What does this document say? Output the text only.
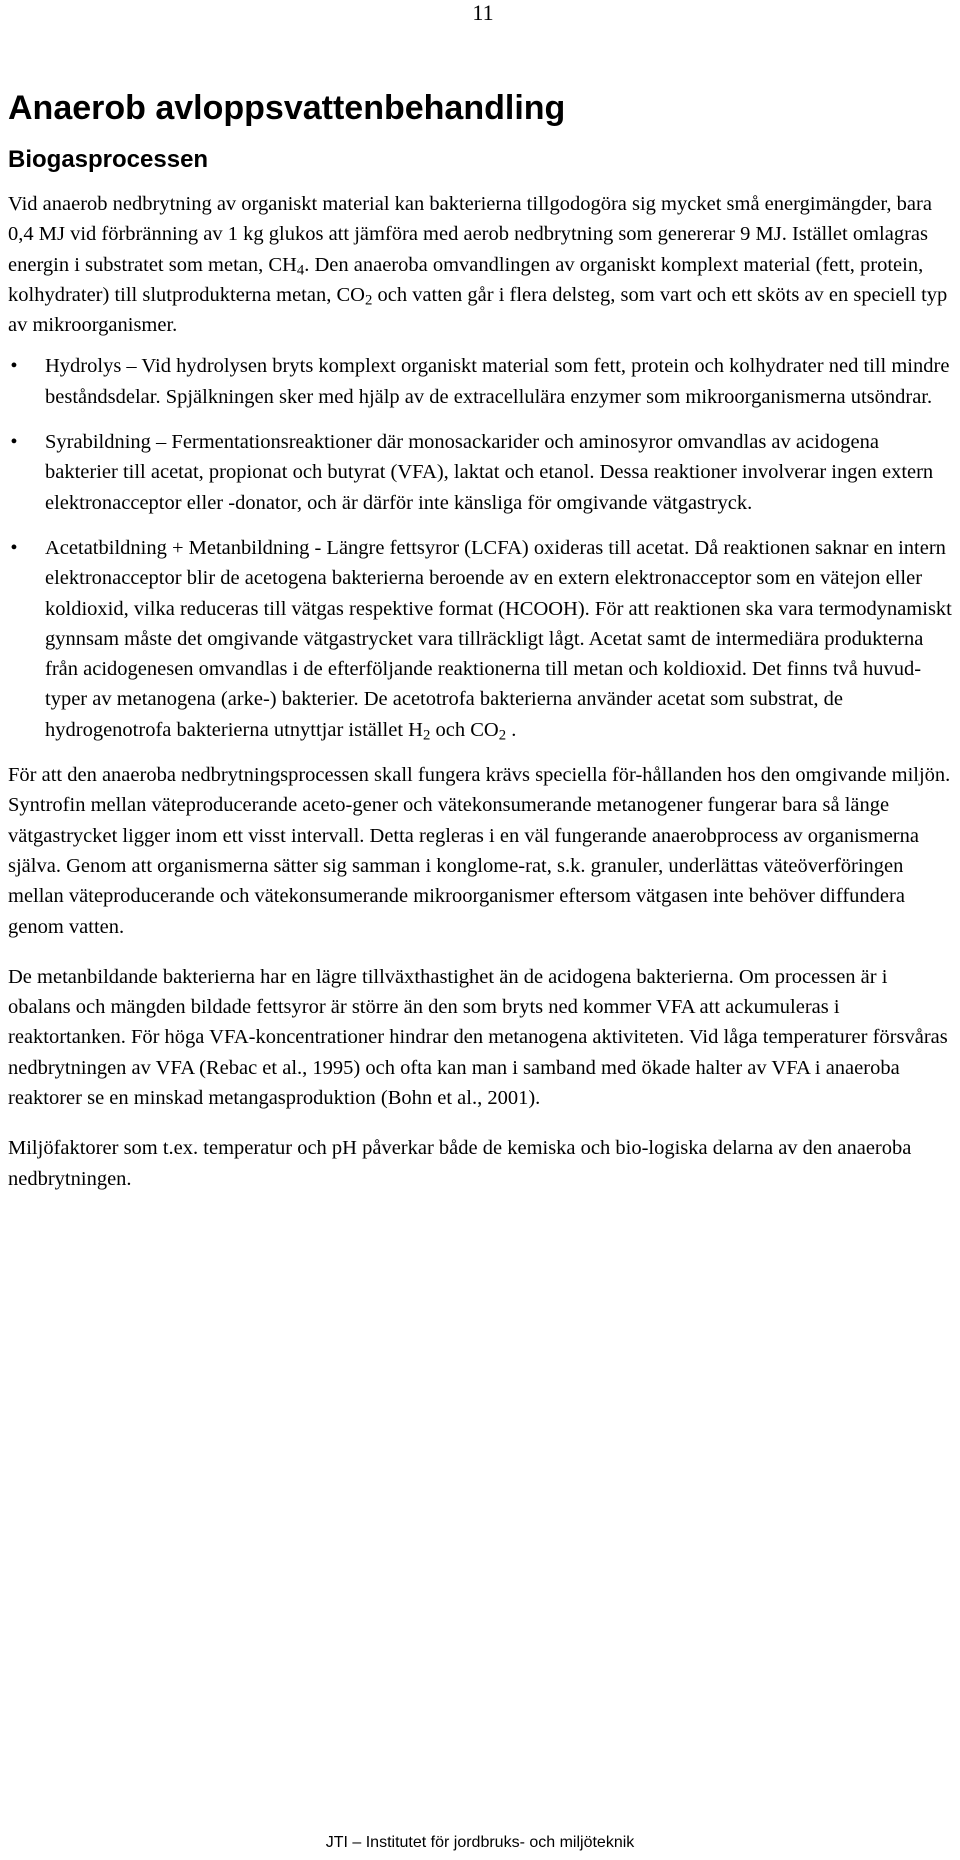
11
Anaerob avloppsvattenbehandling
Biogasprocessen

Vid anaerob nedbrytning av organiskt material kan bakterierna tillgodogöra sig mycket små energimängder, bara 0,4 MJ vid förbränning av 1 kg glukos att jämföra med aerob nedbrytning som genererar 9 MJ. Istället omlagras energin i substratet som metan, $CH_4$. Den anaeroba omvandlingen av organiskt komplext material (fett, protein, kolhydrater) till slutprodukterna metan, $CO_2$ och vatten går i flera delsteg, som vart och ett sköts av en speciell typ av mikroorganismer.

• Hydrolys – Vid hydrolysen bryts komplext organiskt material som fett, protein och kolhydrater ned till mindre beståndsdelar. Spjälkningen sker med hjälp av de extracellulära enzymer som mikroorganismerna utsöndrar.
• Syrabildning – Fermentationsreaktioner där monosackarider och aminosyror omvandlas av acidogena bakterier till acetat, propionat och butyrat (VFA), laktat och etanol. Dessa reaktioner involverar ingen extern elektronacceptor eller -donator, och är därför inte känsliga för omgivande vätgastryck.
• Acetatbildning + Metanbildning - Längre fettsyror (LCFA) oxideras till acetat. Då reaktionen saknar en intern elektronacceptor blir de acetogena bakterierna beroende av en extern elektronacceptor som en vätejon eller koldioxid, vilka reduceras till vätgas respektive format (HCOOH). För att reaktionen ska vara termodynamiskt gynnsam måste det omgivande vätgastrycket vara tillräckligt lågt. Acetat samt de intermediära produkterna från acidogenesen omvandlas i de efterföljande reaktionerna till metan och koldioxid. Det finns två huvud-typer av metanogena (arke-) bakterier. De acetotrofa bakterierna använder acetat som substrat, de hydrogenotrofa bakterierna utnyttjar istället $H_2$ och $CO_2$ .

För att den anaeroba nedbrytningsprocessen skall fungera krävs speciella för-hållanden hos den omgivande miljön. Syntrofin mellan väteproducerande aceto-gener och vätekonsumerande metanogener fungerar bara så länge vätgastrycket ligger inom ett visst intervall. Detta regleras i en väl fungerande anaerobprocess av organismerna själva. Genom att organismerna sätter sig samman i konglome-rat, s.k. granuler, underlättas väteöverföringen mellan väteproducerande och vätekonsumerande mikroorganismer eftersom vätgasen inte behöver diffundera genom vatten.

De metanbildande bakterierna har en lägre tillväxthastighet än de acidogena bakterierna. Om processen är i obalans och mängden bildade fettsyror är större än den som bryts ned kommer VFA att ackumuleras i reaktortanken. För höga VFA-koncentrationer hindrar den metanogena aktiviteten. Vid låga temperaturer försvåras nedbrytningen av VFA (Rebac et al., 1995) och ofta kan man i samband med ökade halter av VFA i anaeroba reaktorer se en minskad metangasproduktion (Bohn et al., 2001).

Miljöfaktorer som t.ex. temperatur och pH påverkar både de kemiska och bio-logiska delarna av den anaeroba nedbrytningen.

JTI – Institutet för jordbruks- och miljöteknik
